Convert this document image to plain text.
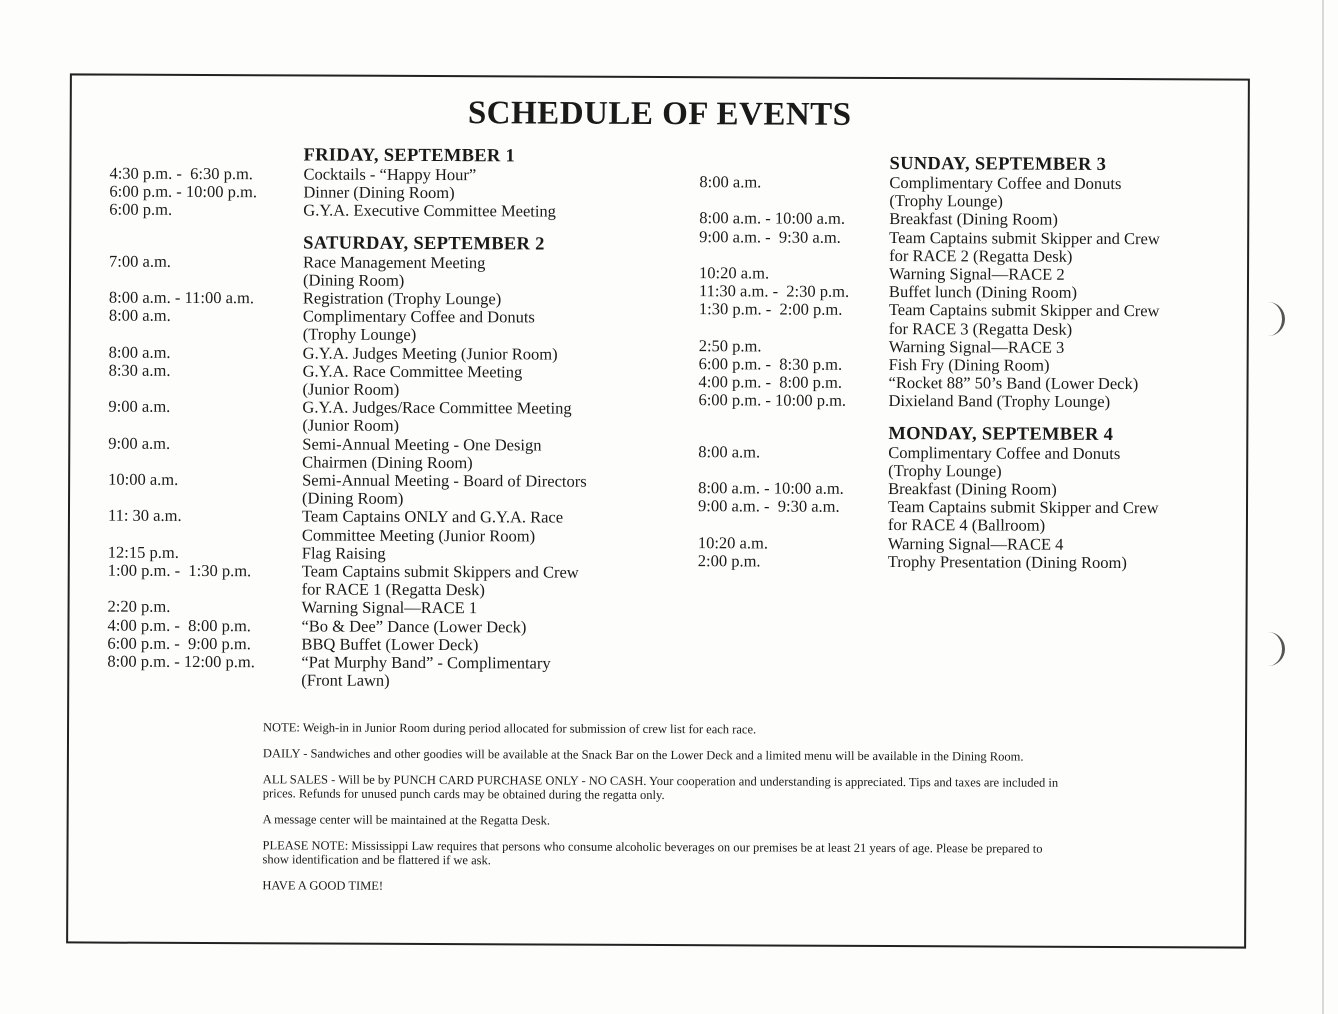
SCHEDULE OF EVENTS
FRIDAY, SEPTEMBER 1
4:30 p.m. -  6:30 p.m.	Cocktails - “Happy Hour”
6:00 p.m. - 10:00 p.m.	Dinner (Dining Room)
6:00 p.m.	G.Y.A. Executive Committee Meeting
SATURDAY, SEPTEMBER 2
7:00 a.m.	Race Management Meeting
(Dining Room)
8:00 a.m. - 11:00 a.m.	Registration (Trophy Lounge)
8:00 a.m.	Complimentary Coffee and Donuts
(Trophy Lounge)
8:00 a.m.	G.Y.A. Judges Meeting (Junior Room)
8:30 a.m.	G.Y.A. Race Committee Meeting
(Junior Room)
9:00 a.m.	G.Y.A. Judges/Race Committee Meeting
(Junior Room)
9:00 a.m.	Semi-Annual Meeting - One Design
Chairmen (Dining Room)
10:00 a.m.	Semi-Annual Meeting - Board of Directors
(Dining Room)
11: 30 a.m.	Team Captains ONLY and G.Y.A. Race
Committee Meeting (Junior Room)
12:15 p.m.	Flag Raising
1:00 p.m. -  1:30 p.m.	Team Captains submit Skippers and Crew
for RACE 1 (Regatta Desk)
2:20 p.m.	Warning Signal—RACE 1
4:00 p.m. -  8:00 p.m.	“Bo & Dee” Dance (Lower Deck)
6:00 p.m. -  9:00 p.m.	BBQ Buffet (Lower Deck)
8:00 p.m. - 12:00 p.m.	“Pat Murphy Band” - Complimentary
(Front Lawn)
SUNDAY, SEPTEMBER 3
8:00 a.m.	Complimentary Coffee and Donuts
(Trophy Lounge)
8:00 a.m. - 10:00 a.m.	Breakfast (Dining Room)
9:00 a.m. -  9:30 a.m.	Team Captains submit Skipper and Crew
for RACE 2 (Regatta Desk)
10:20 a.m.	Warning Signal—RACE 2
11:30 a.m. -  2:30 p.m.	Buffet lunch (Dining Room)
1:30 p.m. -  2:00 p.m.	Team Captains submit Skipper and Crew
for RACE 3 (Regatta Desk)
2:50 p.m.	Warning Signal—RACE 3
6:00 p.m. -  8:30 p.m.	Fish Fry (Dining Room)
4:00 p.m. -  8:00 p.m.	“Rocket 88” 50’s Band (Lower Deck)
6:00 p.m. - 10:00 p.m.	Dixieland Band (Trophy Lounge)
MONDAY, SEPTEMBER 4
8:00 a.m.	Complimentary Coffee and Donuts
(Trophy Lounge)
8:00 a.m. - 10:00 a.m.	Breakfast (Dining Room)
9:00 a.m. -  9:30 a.m.	Team Captains submit Skipper and Crew
for RACE 4 (Ballroom)
10:20 a.m.	Warning Signal—RACE 4
2:00 p.m.	Trophy Presentation (Dining Room)

NOTE: Weigh-in in Junior Room during period allocated for submission of crew list for each race.

DAILY - Sandwiches and other goodies will be available at the Snack Bar on the Lower Deck and a limited menu will be available in the Dining Room.

ALL SALES - Will be by PUNCH CARD PURCHASE ONLY - NO CASH. Your cooperation and understanding is appreciated. Tips and taxes are included in prices. Refunds for unused punch cards may be obtained during the regatta only.

A message center will be maintained at the Regatta Desk.

PLEASE NOTE: Mississippi Law requires that persons who consume alcoholic beverages on our premises be at least 21 years of age. Please be prepared to show identification and be flattered if we ask.

HAVE A GOOD TIME!
